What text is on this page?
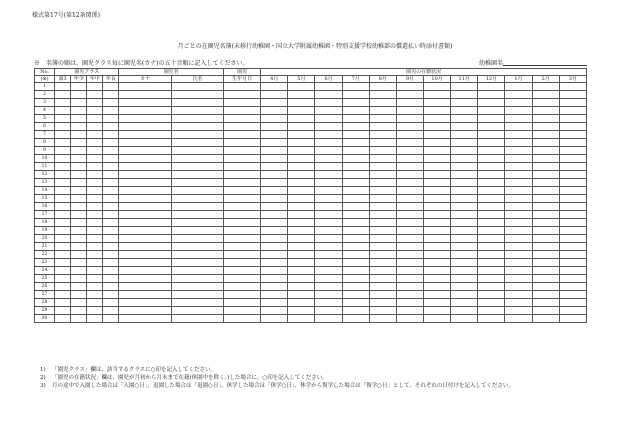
様式第17号(第12条関係)
月ごとの在園児名簿(未移行幼稚園・国立大学附属幼稚園・特別支援学校幼稚部の償還払い時添付書類)
※　名簿の順は、園児クラス毎に園児名(カナ)の五十音順に記入してください。	幼稚園名
No.	園児クラス				園児名		園児	園児の在籍状況											
(※)	満3	年少	年中	年長	カナ	氏名	生年月日	4月	5月	6月	7月	8月	9月	10月	11月	12月	1月	2月	3月
1																			
2																			
3																			
4																			
5																			
6																			
7																			
8																			
9																			
10																			
11																			
12																			
13																			
14																			
15																			
16																			
17																			
18																			
19																			
20																			
21																			
22																			
23																			
24																			
25																			
26																			
27																			
28																			
29																			
30																			
1)	「園児クラス」欄は、該当するクラスに○印を記入してください。
2)	「園児の在籍状況」欄は、園児が月初から月末まで在籍(休園中を除く。)した場合に、○印を記入してください。
3)	月の途中で入園した場合は「入園○日」、退園した場合は「退園○日」、休学した場合は「休学○日」、休学から復学した場合は「復学○日」として、それぞれの日付けを記入してください。
